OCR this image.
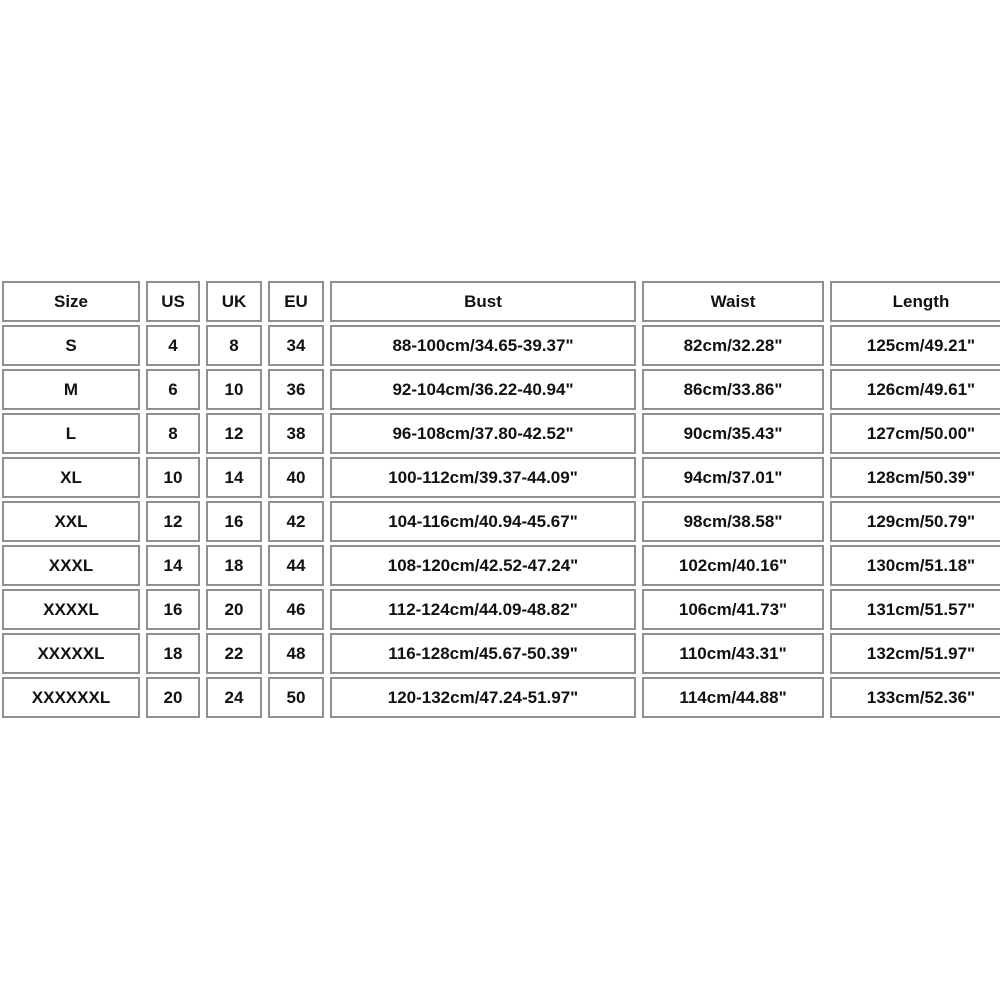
Size	US	UK	EU	Bust	Waist	Length
S	4	8	34	88-100cm/34.65-39.37"	82cm/32.28"	125cm/49.21"
M	6	10	36	92-104cm/36.22-40.94"	86cm/33.86"	126cm/49.61"
L	8	12	38	96-108cm/37.80-42.52"	90cm/35.43"	127cm/50.00"
XL	10	14	40	100-112cm/39.37-44.09"	94cm/37.01"	128cm/50.39"
XXL	12	16	42	104-116cm/40.94-45.67"	98cm/38.58"	129cm/50.79"
XXXL	14	18	44	108-120cm/42.52-47.24"	102cm/40.16"	130cm/51.18"
XXXXL	16	20	46	112-124cm/44.09-48.82"	106cm/41.73"	131cm/51.57"
XXXXXL	18	22	48	116-128cm/45.67-50.39"	110cm/43.31"	132cm/51.97"
XXXXXXL	20	24	50	120-132cm/47.24-51.97"	114cm/44.88"	133cm/52.36"
